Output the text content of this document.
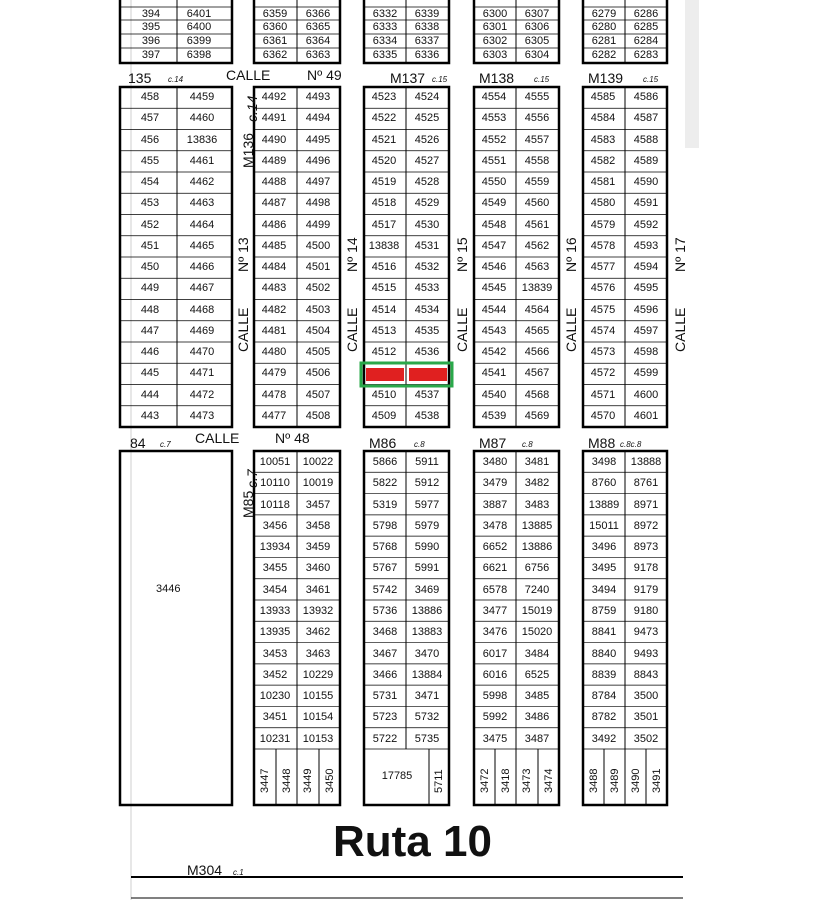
CALLE	Nº 49
CALLE	Nº 48
CALLE
Nº 13
CALLE
Nº 14
CALLE
Nº 15
CALLE
Nº 16
CALLE
Nº 17
135 c.14
M136
c.14
M137 c.15 M138 c.15	M139 c.15
84 c.7
M85
c.7
M86 c.8	M87 c.8	M88 c.8c.8
3446
M304 c.1
Ruta 10
394	6401
395	6400
396	6399
397	6398
6359	6366
6360	6365
6361	6364
6362	6363
6332	6339
6333	6338
6334	6337
6335	6336
6300	6307
6301	6306
6302	6305
6303	6304
6279	6286
6280	6285
6281	6284
6282	6283
458	4459
457	4460
456	13836
455	4461
454	4462
453	4463
452	4464
451	4465
450	4466
449	4467
448	4468
447	4469
446	4470
445	4471
444	4472
443	4473
4492	4493
4491	4494
4490	4495
4489	4496
4488	4497
4487	4498
4486	4499
4485	4500
4484	4501
4483	4502
4482	4503
4481	4504
4480	4505
4479	4506
4478	4507
4477	4508
4523	4524
4522	4525
4521	4526
4520	4527
4519	4528
4518	4529
4517	4530
13838	4531
4516	4532
4515	4533
4514	4534
4513	4535
4512	4536
4510	4537
4509	4538
4554	4555
4553	4556
4552	4557
4551	4558
4550	4559
4549	4560
4548	4561
4547	4562
4546	4563
4545	13839
4544	4564
4543	4565
4542	4566
4541	4567
4540	4568
4539	4569
4585	4586
4584	4587
4583	4588
4582	4589
4581	4590
4580	4591
4579	4592
4578	4593
4577	4594
4576	4595
4575	4596
4574	4597
4573	4598
4572	4599
4571	4600
4570	4601
10051	10022
10110	10019
10118	3457
3456	3458
13934	3459
3455	3460
3454	3461
13933	13932
13935	3462
3453	3463
3452	10229
10230	10155
3451	10154
10231	10153
3447 3448 3449 3450
5866	5911
5822	5912
5319	5977
5798	5979
5768	5990
5767	5991
5742	3469
5736	13886
3468	13883
3467	3470
3466	13884
5731	3471
5723	5732
5722	5735
5711
17785
3480	3481
3479	3482
3887	3483
3478	13885
6652	13886
6621	6756
6578	7240
3477	15019
3476	15020
6017	3484
6016	6525
5998	3485
5992	3486
3475	3487
3472 3418 3473 3474
3498	13888
8760	8761
13889	8971
15011	8972
3496	8973
3495	9178
3494	9179
8759	9180
8841	9473
8840	9493
8839	8843
8784	3500
8782	3501
3492	3502
3488 3489 3490 3491
